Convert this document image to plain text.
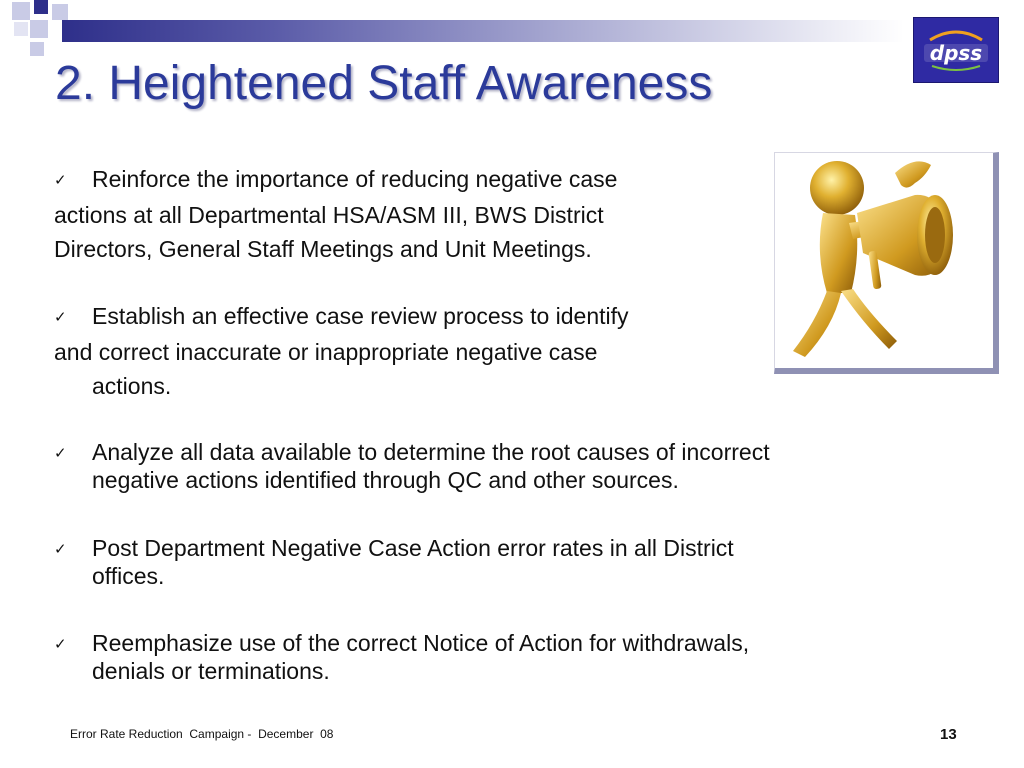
2. Heightened Staff Awareness
dpss
✓ Reinforce the importance of reducing negative case
actions at all Departmental HSA/ASM III, BWS District
Directors, General Staff Meetings and Unit Meetings.
✓ Establish an effective case review process to identify
and correct inaccurate or inappropriate negative case
actions.
✓ Analyze all data available to determine the root causes of incorrect
negative actions identified through QC and other sources.
✓ Post Department Negative Case Action error rates in all District
offices.
✓ Reemphasize use of the correct Notice of Action for withdrawals,
denials or terminations.
Error Rate Reduction  Campaign -  December  08	13
